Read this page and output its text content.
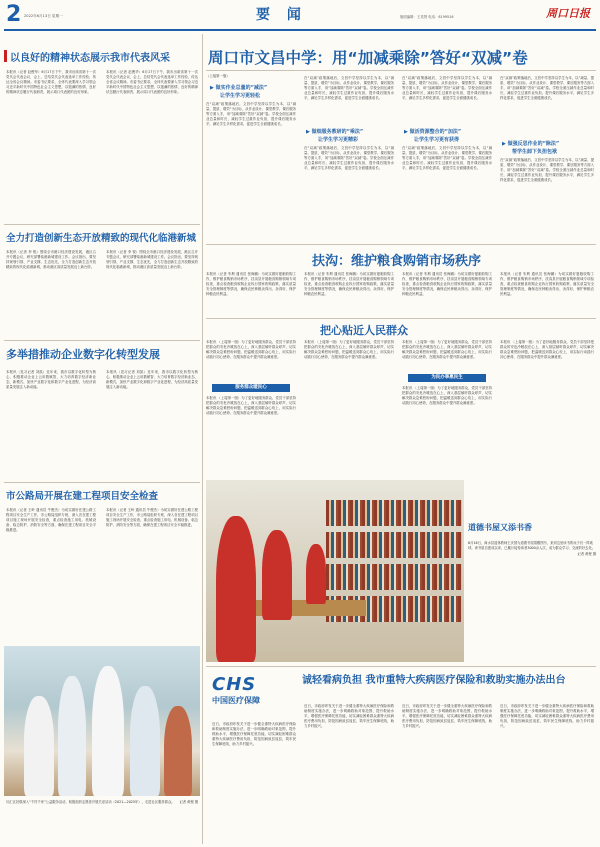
2 2022年6月13日 星期一	要 闻	版面编辑：王英贤 电话：6199516	周口日报
以良好的精神状态展示我市代表风采
本报讯（记者 赵俊华）6月17日下午，我市出席省第十一次党代会代表会议，会上，总结党代会代表选举工作经验，传达全省会议精神。市委书记要求，全体代表要深入学习领会习近平新时代中国特色社会主义思想，以饱满的热情、良好的精神状态履行代表职责，展示周口代表团的良好形象。
本报讯（记者 赵俊华）6月17日下午，我市出席省第十一次党代会代表会议，会上，总结党代会代表选举工作经验，传达全省会议精神。市委书记要求，全体代表要深入学习领会习近平新时代中国特色社会主义思想，以饱满的热情、良好的精神状态履行代表职责，展示周口代表团的良好形象。
全力打造创新生态开放精致的现代化临港新城
本报讯（记者 李 锐）围绕全市港口经济建设发展，港区召开专题会议，研究部署临港新城建设工作。会议指出，要坚持规划引领、产业支撑、生态优先，全力打造创新生态开放精致的现代化临港新城，推动港区高质量发展迈上新台阶。
本报讯（记者 李 锐）围绕全市港口经济建设发展，港区召开专题会议，研究部署临港新城建设工作。会议指出，要坚持规划引领、产业支撑、生态优先，全力打造创新生态开放精致的现代化临港新城，推动港区高质量发展迈上新台阶。
多举措推动企业数字化转型发展
本报讯（见习记者 刘凯）近年来，我市以数字化转型为核心，积极推动企业上云用数赋智，大力培育数字经济新业态、新模式，加快产业数字化和数字产业化进程，为经济高质量发展注入新动能。
本报讯（见习记者 刘凯）近年来，我市以数字化转型为核心，积极推动企业上云用数赋智，大力培育数字经济新业态、新模式，加快产业数字化和数字产业化进程，为经济高质量发展注入新动能。
市公路局开展在建工程项目安全检查
本报讯（记者 王岭 通讯员 牛俊杰）为切实做好在建公路工程项目安全生产工作，市公路局组织专班，深入各在建工程项目施工现场开展安全检查，重点检查施工用电、机械设备、临边防护、消防安全等方面，确保在建工程项目安全平稳推进。
本报讯（记者 王岭 通讯员 牛俊杰）为切实做好在建公路工程项目安全生产工作，市公路局组织专班，深入各在建工程项目施工现场开展安全检查，重点检查施工用电、机械设备、临边防护、消防安全等方面，确保在建工程项目安全平稳推进。
川汇区妇联深入“千村千家”公益服务活动，积极组织志愿者开展关爱活动（2021—2025年），走进社区服务群众。 记者 黄俊 摄
周口市文昌中学：用“加减乘除”答好“双减”卷
（上接第一版）
▶ 做实作业总量的“减法”
让学生学习更轻松
在“双减”政策落地后，文昌中学坚持以学生为本，以“减量、提质、增效”为目标，从作业设计、课堂教学、课后服务等方面入手，用“加减乘除”答好“双减”卷。学校全面压减作业总量和时长，减轻学生过重作业负担，提升课后服务水平，满足学生多样化需求，促进学生全面健康成长。
在“双减”政策落地后，文昌中学坚持以学生为本，以“减量、提质、增效”为目标，从作业设计、课堂教学、课后服务等方面入手，用“加减乘除”答好“双减”卷。学校全面压减作业总量和时长，减轻学生过重作业负担，提升课后服务水平，满足学生多样化需求，促进学生全面健康成长。
▶ 做细服务教研的“乘法”
让学生学习更精彩
在“双减”政策落地后，文昌中学坚持以学生为本，以“减量、提质、增效”为目标，从作业设计、课堂教学、课后服务等方面入手，用“加减乘除”答好“双减”卷。学校全面压减作业总量和时长，减轻学生过重作业负担，提升课后服务水平，满足学生多样化需求，促进学生全面健康成长。
在“双减”政策落地后，文昌中学坚持以学生为本，以“减量、提质、增效”为目标，从作业设计、课堂教学、课后服务等方面入手，用“加减乘除”答好“双减”卷。学校全面压减作业总量和时长，减轻学生过重作业负担，提升课后服务水平，满足学生多样化需求，促进学生全面健康成长。
▶ 做活资源整合的“加法”
让学生学习更有获得
在“双减”政策落地后，文昌中学坚持以学生为本，以“减量、提质、增效”为目标，从作业设计、课堂教学、课后服务等方面入手，用“加减乘除”答好“双减”卷。学校全面压减作业总量和时长，减轻学生过重作业负担，提升课后服务水平，满足学生多样化需求，促进学生全面健康成长。
在“双减”政策落地后，文昌中学坚持以学生为本，以“减量、提质、增效”为目标，从作业设计、课堂教学、课后服务等方面入手，用“加减乘除”答好“双减”卷。学校全面压减作业总量和时长，减轻学生过重作业负担，提升课后服务水平，满足学生多样化需求，促进学生全面健康成长。
▶ 做强反思作业的“除法”
帮学生卸下负担包袱
在“双减”政策落地后，文昌中学坚持以学生为本，以“减量、提质、增效”为目标，从作业设计、课堂教学、课后服务等方面入手，用“加减乘除”答好“双减”卷。学校全面压减作业总量和时长，减轻学生过重作业负担，提升课后服务水平，满足学生多样化需求，促进学生全面健康成长。
扶沟：维护粮食购销市场秩序
本报讯（记者 朱利 通讯员 张海鹏）为切实做好夏粮收购工作，维护粮食购销市场秩序，扶沟县开展粮食购销领域专项检查，重点检查粮食收购企业执行国家收购政策、落实质量安全管理制度等情况，确保农民种粮卖得出、卖得好，保护种粮农民利益。
本报讯（记者 朱利 通讯员 张海鹏）为切实做好夏粮收购工作，维护粮食购销市场秩序，扶沟县开展粮食购销领域专项检查，重点检查粮食收购企业执行国家收购政策、落实质量安全管理制度等情况，确保农民种粮卖得出、卖得好，保护种粮农民利益。
本报讯（记者 朱利 通讯员 张海鹏）为切实做好夏粮收购工作，维护粮食购销市场秩序，扶沟县开展粮食购销领域专项检查，重点检查粮食收购企业执行国家收购政策、落实质量安全管理制度等情况，确保农民种粮卖得出、卖得好，保护种粮农民利益。
本报讯（记者 朱利 通讯员 张海鹏）为切实做好夏粮收购工作，维护粮食购销市场秩序，扶沟县开展粮食购销领域专项检查，重点检查粮食收购企业执行国家收购政策、落实质量安全管理制度等情况，确保农民种粮卖得出、卖得好，保护种粮农民利益。
把心贴近人民群众
本报讯 （上接第一版）为了更好地服务群众，党员干部坚持把群众的安危冷暖放在心上，深入基层倾听群众呼声，切实解决群众急难愁盼问题，把温暖送到群众心坎上，用实际行动践行初心使命，在服务群众中提升群众满意度。
服务群众暖民心
本报讯 （上接第一版）为了更好地服务群众，党员干部坚持把群众的安危冷暖放在心上，深入基层倾听群众呼声，切实解决群众急难愁盼问题，把温暖送到群众心坎上，用实际行动践行初心使命，在服务群众中提升群众满意度。
本报讯 （上接第一版）为了更好地服务群众，党员干部坚持把群众的安危冷暖放在心上，深入基层倾听群众呼声，切实解决群众急难愁盼问题，把温暖送到群众心坎上，用实际行动践行初心使命，在服务群众中提升群众满意度。
本报讯 （上接第一版）为了更好地服务群众，党员干部坚持把群众的安危冷暖放在心上，深入基层倾听群众呼声，切实解决群众急难愁盼问题，把温暖送到群众心坎上，用实际行动践行初心使命，在服务群众中提升群众满意度。
为民办事惠民生
本报讯 （上接第一版）为了更好地服务群众，党员干部坚持把群众的安危冷暖放在心上，深入基层倾听群众呼声，切实解决群众急难愁盼问题，把温暖送到群众心坎上，用实际行动践行初心使命，在服务群众中提升群众满意度。
本报讯 （上接第一版）为了更好地服务群众，党员干部坚持把群众的安危冷暖放在心上，深入基层倾听群众呼声，切实解决群众急难愁盼问题，把温暖送到群众心坎上，用实际行动践行初心使命，在服务群众中提升群众满意度。
道德书屋又添书香
6月16日，商水县退休教师王庆国为道德书屋捐赠图书，来到这里读书的孩子们一阵欢呼。该书屋自建成以来，已累计接待读者3000余人次，成为群众学习、交流的好去处。
记者 黄俊 摄
CHS
中国医疗保障
诚轻看病负担 我市重特大疾病医疗保险和救助实施办法出台
近日，市政府印发关于进一步健全重特大疾病医疗保险和救助制度实施办法，进一步明确救助对象范围，提升救助水平，增强医疗保障托底功能，切实减轻困难群众重特大疾病医疗费用负担，防范因病致贫返贫，筑牢民生保障底线，助力乡村振兴。
近日，市政府印发关于进一步健全重特大疾病医疗保险和救助制度实施办法，进一步明确救助对象范围，提升救助水平，增强医疗保障托底功能，切实减轻困难群众重特大疾病医疗费用负担，防范因病致贫返贫，筑牢民生保障底线，助力乡村振兴。
近日，市政府印发关于进一步健全重特大疾病医疗保险和救助制度实施办法，进一步明确救助对象范围，提升救助水平，增强医疗保障托底功能，切实减轻困难群众重特大疾病医疗费用负担，防范因病致贫返贫，筑牢民生保障底线，助力乡村振兴。
近日，市政府印发关于进一步健全重特大疾病医疗保险和救助制度实施办法，进一步明确救助对象范围，提升救助水平，增强医疗保障托底功能，切实减轻困难群众重特大疾病医疗费用负担，防范因病致贫返贫，筑牢民生保障底线，助力乡村振兴。
